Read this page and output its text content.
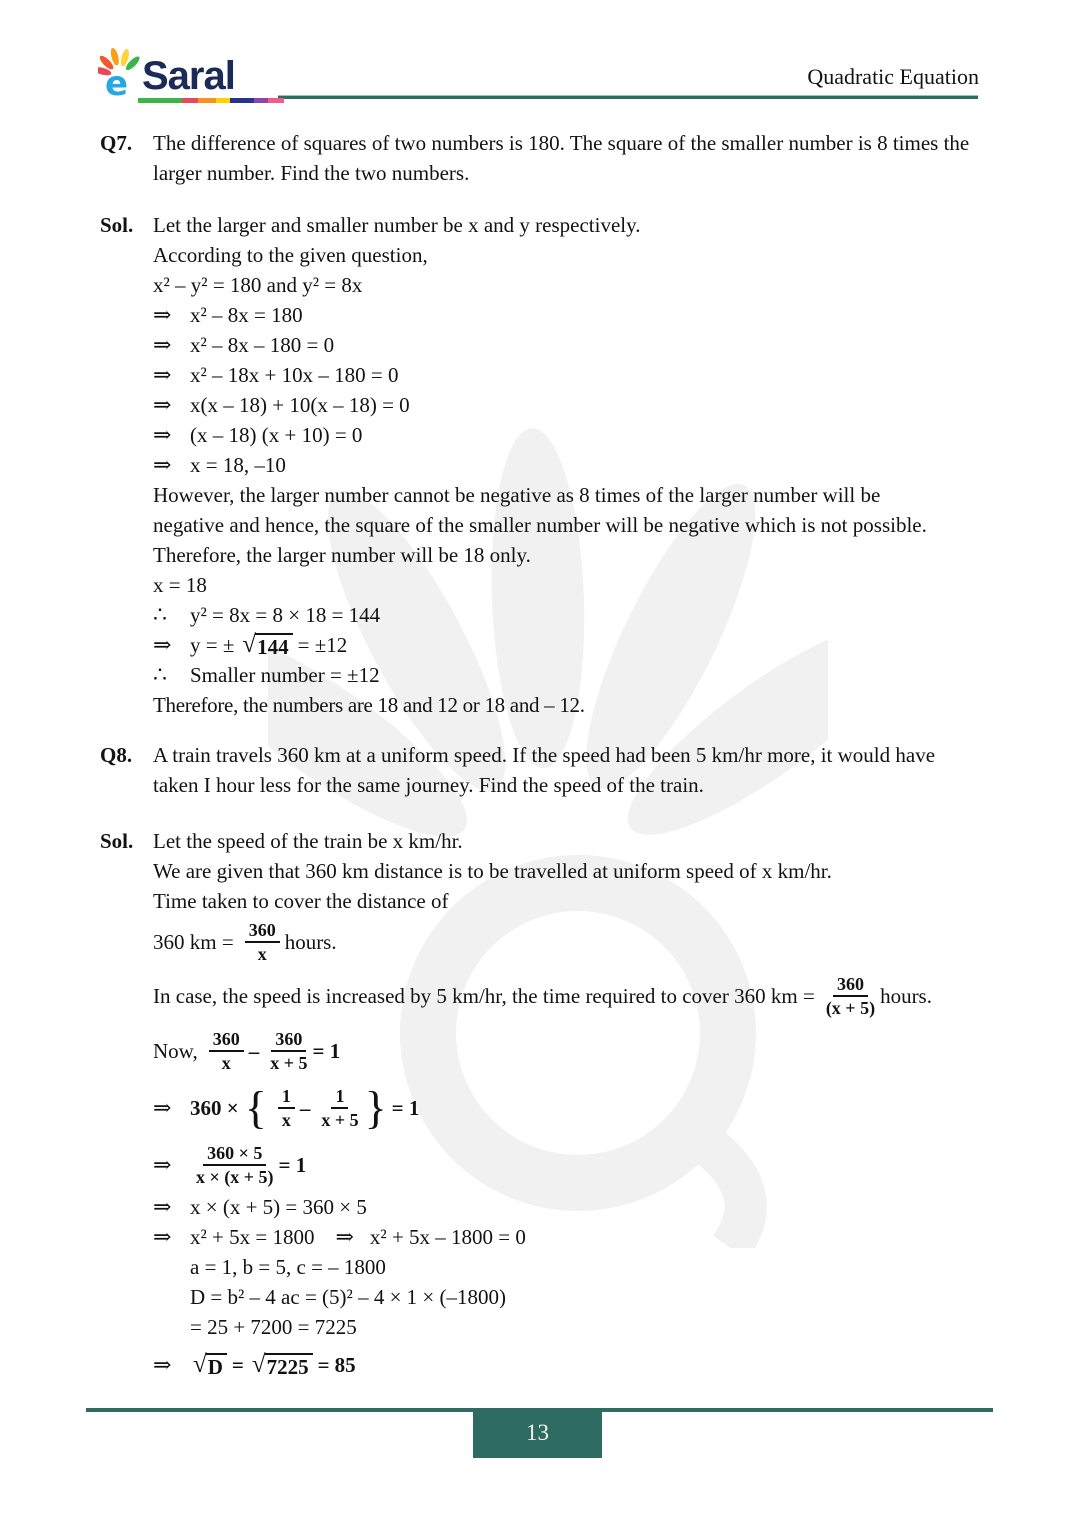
e Saral	Quadratic Equation
Q7. The difference of squares of two numbers is 180. The square of the smaller number is 8 times the
larger number. Find the two numbers.
Sol. Let the larger and smaller number be x and y respectively.
According to the given question,
x² – y² = 180 and y² = 8x
⇒ x² – 8x = 180
⇒ x² – 8x – 180 = 0
⇒ x² – 18x + 10x – 180 = 0
⇒ x(x – 18) + 10(x – 18) = 0
⇒ (x – 18) (x + 10) = 0
⇒ x = 18, –10
However, the larger number cannot be negative as 8 times of the larger number will be
negative and hence, the square of the smaller number will be negative which is not possible.
Therefore, the larger number will be 18 only.
x = 18
∴	y² = 8x = 8 × 18 = 144
⇒ y = ± √ 144 = ±12
∴	Smaller number = ±12
Therefore, the numbers are 18 and 12 or 18 and – 12.
Q8. A train travels 360 km at a uniform speed. If the speed had been 5 km/hr more, it would have
taken I hour less for the same journey. Find the speed of the train.
Sol. Let the speed of the train be x km/hr.
We are given that 360 km distance is to be travelled at uniform speed of x km/hr.
Time taken to cover the distance of
360 km = $\frac{360}{x}$ hours.
In case, the speed is increased by 5 km/hr, the time required to cover 360 km = $\frac{360}{(x + 5)}$ hours.
Now, $\frac{360}{x} - \frac{360}{x + 5} = 1$
⇒ 360 × { $\frac{1}{x} - \frac{1}{x + 5}$ } = 1
⇒	$\frac{360 \times 5}{x \times (x + 5)} = 1$
⇒ x × (x + 5) = 360 × 5
⇒ x² + 5x = 1800 ⇒ x² + 5x – 1800 = 0
a = 1, b = 5, c = – 1800
D = b² – 4 ac = (5)² – 4 × 1 × (–1800)
= 25 + 7200 = 7225
⇒ √ D = √ 7225 = 85
13
